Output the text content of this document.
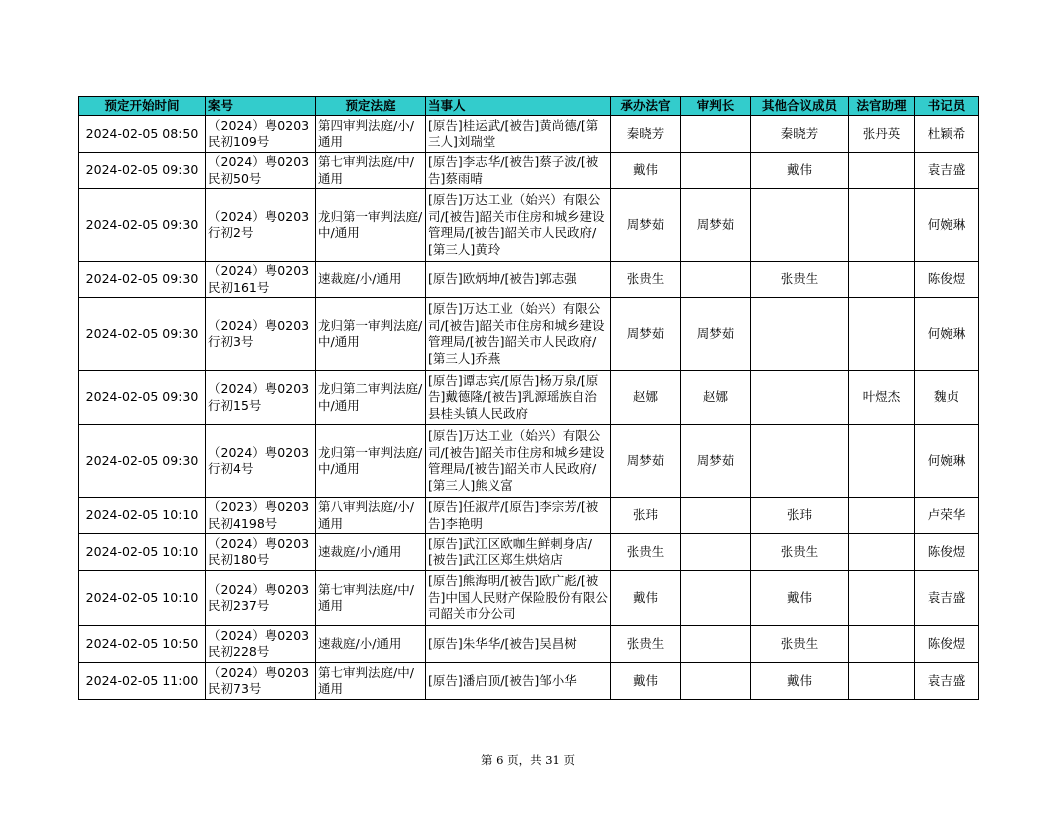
预定开始时间	案号	预定法庭	当事人	承办法官	审判长	其他合议成员	法官助理	书记员
2024-02-05 08:50	（2024）粤0203民初109号	第四审判法庭/小/通用	[原告]桂运武/[被告]黄尚德/[第三人]刘瑞堂	秦晓芳		秦晓芳	张丹英	杜颖希
2024-02-05 09:30	（2024）粤0203民初50号	第七审判法庭/中/通用	[原告]李志华/[被告]蔡子波/[被告]蔡雨晴	戴伟		戴伟		袁吉盛
2024-02-05 09:30	（2024）粤0203行初2号	龙归第一审判法庭/中/通用	[原告]万达工业（始兴）有限公司/[被告]韶关市住房和城乡建设管理局/[被告]韶关市人民政府/[第三人]黄玲	周梦茹	周梦茹			何婉琳
2024-02-05 09:30	（2024）粤0203民初161号	速裁庭/小/通用	[原告]欧炳坤/[被告]郭志强	张贵生		张贵生		陈俊煜
2024-02-05 09:30	（2024）粤0203行初3号	龙归第一审判法庭/中/通用	[原告]万达工业（始兴）有限公司/[被告]韶关市住房和城乡建设管理局/[被告]韶关市人民政府/[第三人]乔燕	周梦茹	周梦茹			何婉琳
2024-02-05 09:30	（2024）粤0203行初15号	龙归第二审判法庭/中/通用	[原告]谭志宾/[原告]杨万泉/[原告]戴德隆/[被告]乳源瑶族自治县桂头镇人民政府	赵娜	赵娜		叶煜杰	魏贞
2024-02-05 09:30	（2024）粤0203行初4号	龙归第一审判法庭/中/通用	[原告]万达工业（始兴）有限公司/[被告]韶关市住房和城乡建设管理局/[被告]韶关市人民政府/[第三人]熊义富	周梦茹	周梦茹			何婉琳
2024-02-05 10:10	（2023）粤0203民初4198号	第八审判法庭/小/通用	[原告]任淑芹/[原告]李宗芳/[被告]李艳明	张玮		张玮		卢荣华
2024-02-05 10:10	（2024）粤0203民初180号	速裁庭/小/通用	[原告]武江区欧咖生鲜刺身店/[被告]武江区郑生烘焙店	张贵生		张贵生		陈俊煜
2024-02-05 10:10	（2024）粤0203民初237号	第七审判法庭/中/通用	[原告]熊海明/[被告]欧广彪/[被告]中国人民财产保险股份有限公司韶关市分公司	戴伟		戴伟		袁吉盛
2024-02-05 10:50	（2024）粤0203民初228号	速裁庭/小/通用	[原告]朱华华/[被告]吴昌树	张贵生		张贵生		陈俊煜
2024-02-05 11:00	（2024）粤0203民初73号	第七审判法庭/中/通用	[原告]潘启顶/[被告]邹小华	戴伟		戴伟		袁吉盛
第 6 页，共 31 页
